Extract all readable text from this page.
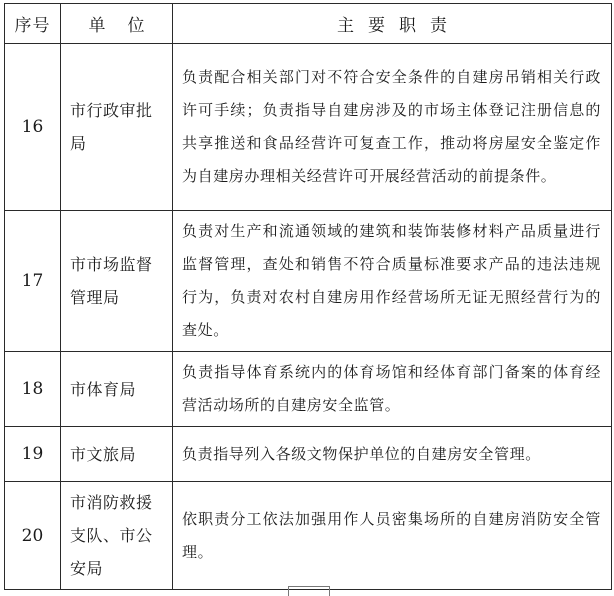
序号	单位	主要职责
16	市行政审批局	负责配合相关部门对不符合安全条件的自建房吊销相关行政许可手续；负责指导自建房涉及的市场主体登记注册信息的共享推送和食品经营许可复查工作，推动将房屋安全鉴定作为自建房办理相关经营许可开展经营活动的前提条件。
17	市市场监督管理局	负责对生产和流通领域的建筑和装饰装修材料产品质量进行监督管理，查处和销售不符合质量标准要求产品的违法违规行为，负责对农村自建房用作经营场所无证无照经营行为的查处。
18	市体育局	负责指导体育系统内的体育场馆和经体育部门备案的体育经营活动场所的自建房安全监管。
19	市文旅局	负责指导列入各级文物保护单位的自建房安全管理。
20	市消防救援支队、市公安局	依职责分工依法加强用作人员密集场所的自建房消防安全管理。
